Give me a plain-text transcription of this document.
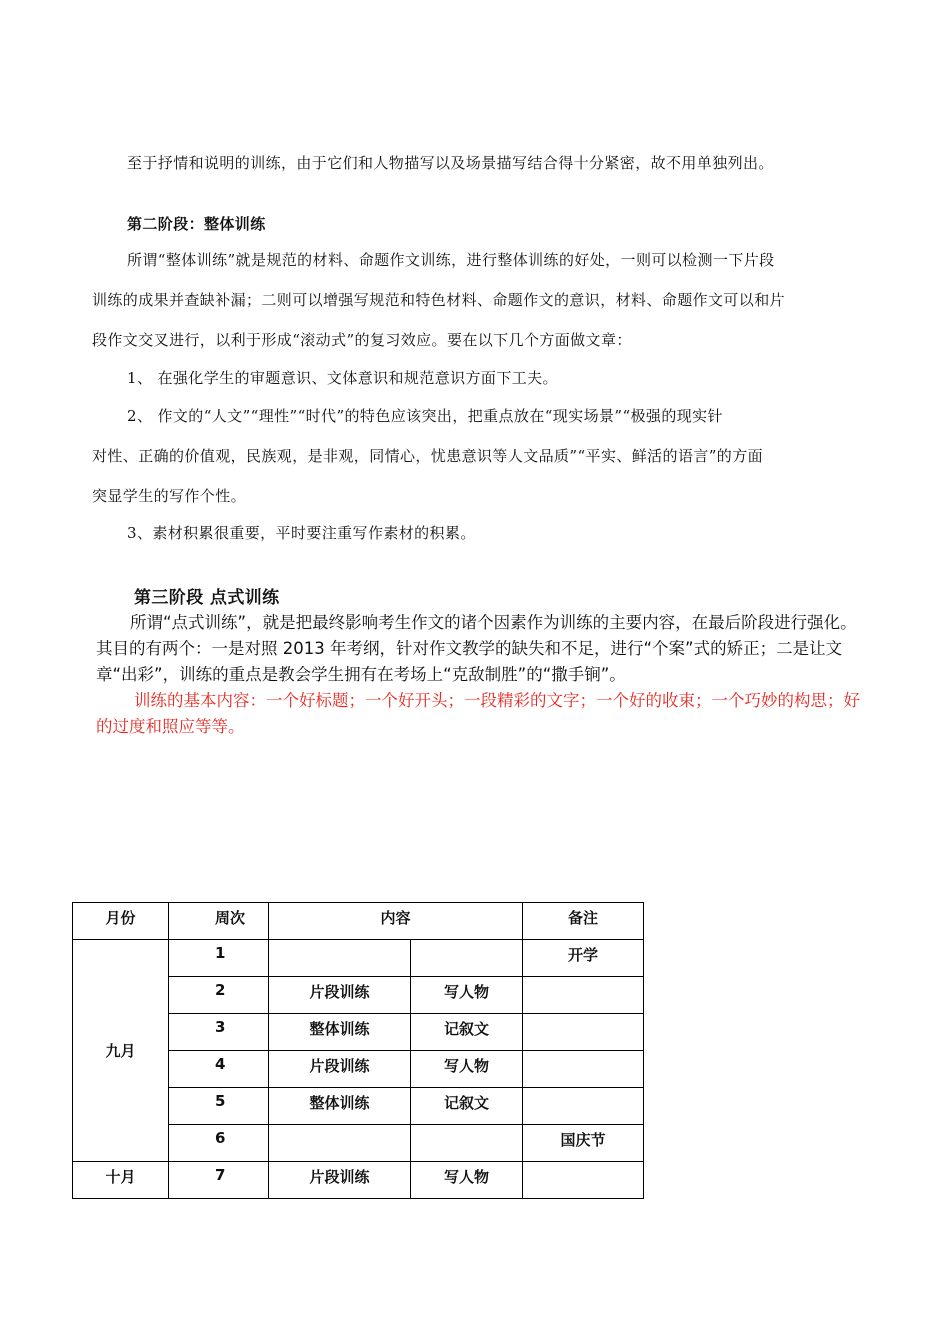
至于抒情和说明的训练，由于它们和人物描写以及场景描写结合得十分紧密，故不用单独列出。
第二阶段：整体训练
所谓“整体训练”就是规范的材料、命题作文训练，进行整体训练的好处，一则可以检测一下片段
训练的成果并查缺补漏；二则可以增强写规范和特色材料、命题作文的意识，材料、命题作文可以和片
段作文交叉进行，以利于形成“滚动式”的复习效应。要在以下几个方面做文章：
1、 在强化学生的审题意识、文体意识和规范意识方面下工夫。
2、 作文的“人文”“理性”“时代”的特色应该突出，把重点放在“现实场景”“极强的现实针
对性、正确的价值观，民族观，是非观，同情心，忧患意识等人文品质”“平实、鲜活的语言”的方面
突显学生的写作个性。
3、素材积累很重要，平时要注重写作素材的积累。
第三阶段 点式训练
所谓“点式训练”，就是把最终影响考生作文的诸个因素作为训练的主要内容，在最后阶段进行强化。
其目的有两个：一是对照 2013 年考纲，针对作文教学的缺失和不足，进行“个案”式的矫正；二是让文
章“出彩”，训练的重点是教会学生拥有在考场上“克敌制胜”的“撒手锏”。
训练的基本内容：一个好标题；一个好开头；一段精彩的文字；一个好的收束；一个巧妙的构思；好
的过度和照应等等。
月份	周次	内容		备注
九月	1			开学
	2	片段训练	写人物	
	3	整体训练	记叙文	
	4	片段训练	写人物	
	5	整体训练	记叙文	
	6			国庆节
十月	7	片段训练	写人物	
